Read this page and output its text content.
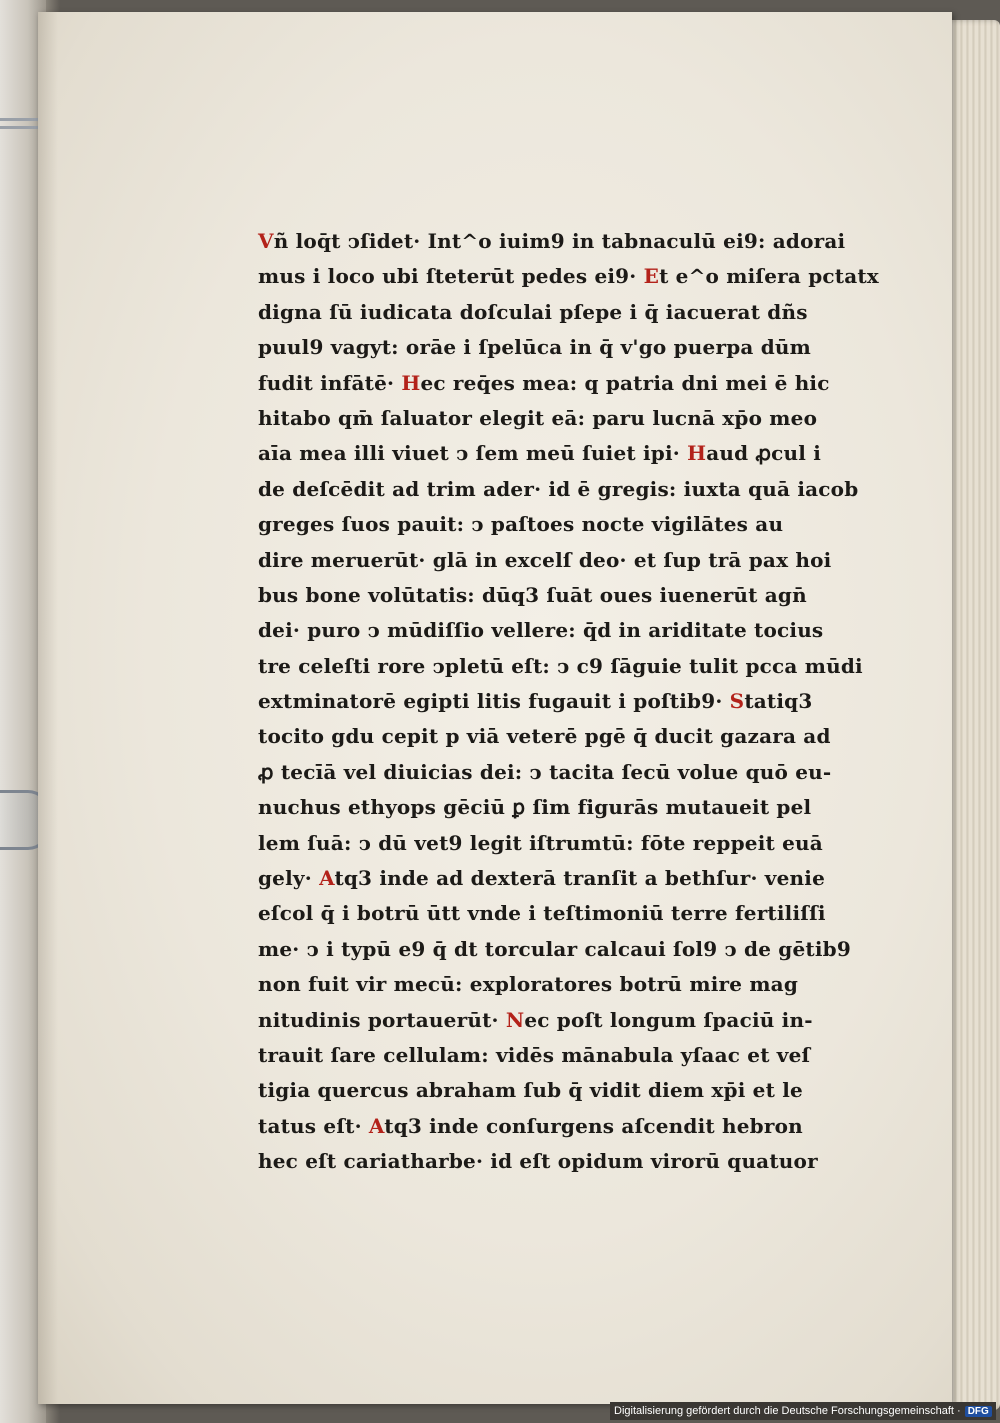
Vñ loq̄t ↄſidet· Int^o iuim9 in tabnaculū ei9: adorai
mus i loco ubi ſteterūt pedes ei9· Et e^o miſera pctatx
digna ſū iudicata doſculai pſepe i q̄ iacuerat dñs
puul9 vagyt: orāe i ſpelūca in q̄ v'go puerpa dūm
fudit infātē· Hec req̄es mea: q patria dni mei ē hic
hitabo qm̄ ſaluator elegit eā: paru lucnā xp̄o meo
aīa mea illi viuet ↄ ſem meū ſuiet ipi· Haud ꝓcul i
de deſcēdit ad trim ader· id ē gregis: iuxta quā iacob
greges ſuos pauit: ↄ paſtoes nocte vigilātes au
dire meruerūt· glā in excelſ deo· et ſup trā pax hoi
bus bone volūtatis: dūq3 ſuāt oues iuenerūt agn̄
dei· puro ↄ mūdiſſio vellere: q̄d in ariditate tocius
tre celeſti rore ↄpletū eſt: ↄ c9 ſāguie tulit pcca mūdi
extminatorē egipti litis fugauit i poſtib9· Statiq3
tocito gdu cepit p viā veterē pgē q̄ ducit gazara ad
ꝓ tecīā vel diuicias dei: ↄ tacita ſecū volue quō eu-
nuchus ethyops gēciū ꝑ ſim figurās mutaueit pel
lem ſuā: ↄ dū vet9 legit iſtrumtū: fōte reppeit euā
gely· Atq3 inde ad dexterā tranſit a bethſur· venie
eſcol q̄ i botrū ūtt vnde i teſtimoniū terre fertiliſſi
me· ↄ i typū e9 q̄ dt torcular calcaui ſol9 ↄ de gētib9
non fuit vir mecū: exploratores botrū mire mag
nitudinis portauerūt· Nec poſt longum ſpaciū in-
trauit ſare cellulam: vidēs mānabula yſaac et veſ
tigia quercus abraham ſub q̄ vidit diem xp̄i et le
tatus eſt· Atq3 inde conſurgens aſcendit hebron
hec eſt cariatharbe· id eſt opidum virorū quatuor
Digitalisierung gefördert durch die Deutsche Forschungsgemeinschaft · DFG
